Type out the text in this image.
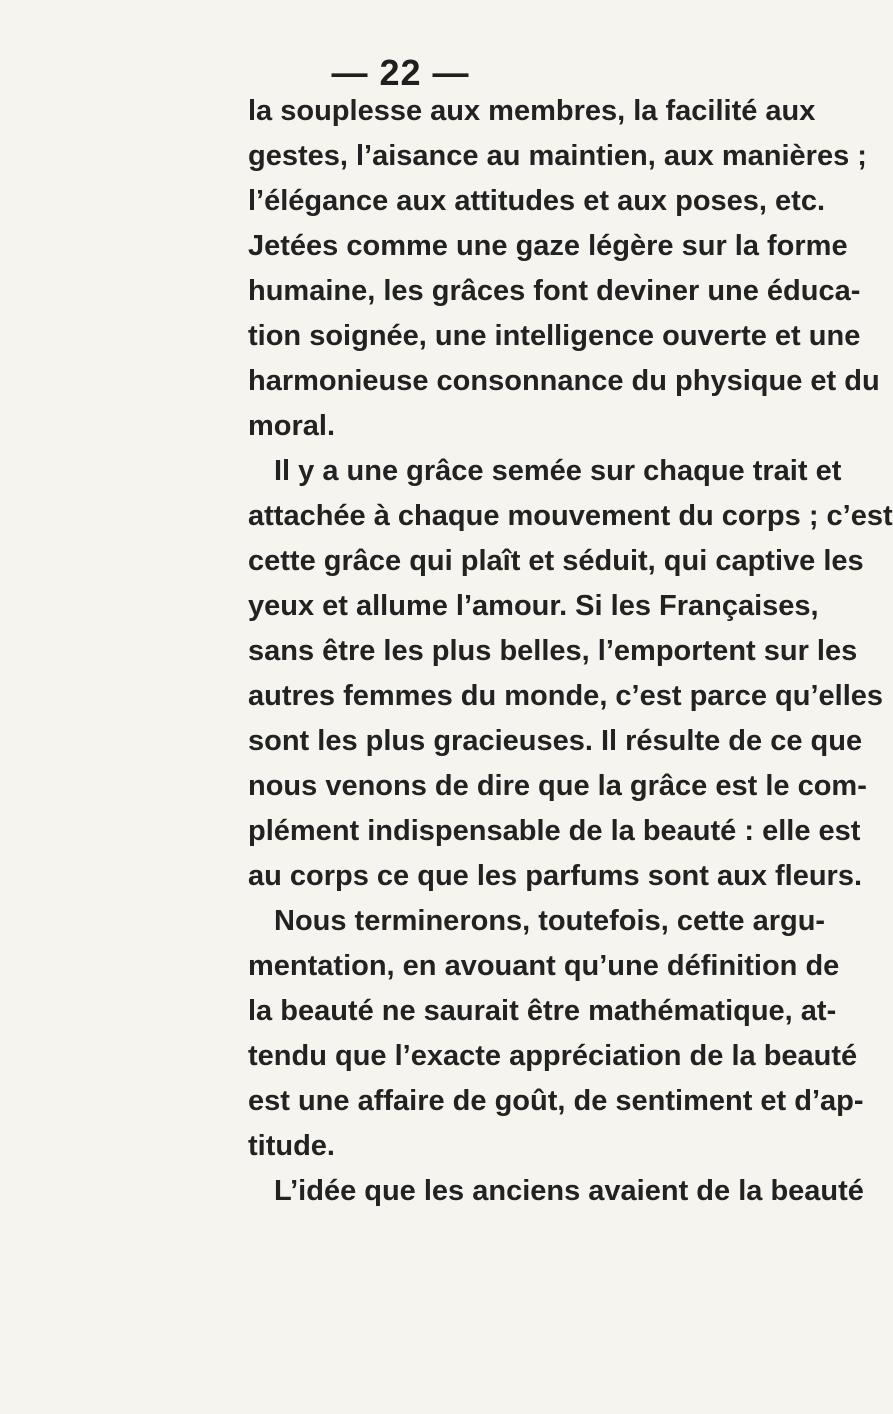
— 22 —
la souplesse aux membres, la facilité aux
gestes, l’aisance au maintien, aux manières ;
l’élégance aux attitudes et aux poses, etc.
Jetées comme une gaze légère sur la forme
humaine, les grâces font deviner une éduca-
tion soignée, une intelligence ouverte et une
harmonieuse consonnance du physique et du
moral.
Il y a une grâce semée sur chaque trait et
attachée à chaque mouvement du corps ; c’est
cette grâce qui plaît et séduit, qui captive les
yeux et allume l’amour. Si les Françaises,
sans être les plus belles, l’emportent sur les
autres femmes du monde, c’est parce qu’elles
sont les plus gracieuses. Il résulte de ce que
nous venons de dire que la grâce est le com-
plément indispensable de la beauté : elle est
au corps ce que les parfums sont aux fleurs.
Nous terminerons, toutefois, cette argu-
mentation, en avouant qu’une définition de
la beauté ne saurait être mathématique, at-
tendu que l’exacte appréciation de la beauté
est une affaire de goût, de sentiment et d’ap-
titude.
L’idée que les anciens avaient de la beauté
